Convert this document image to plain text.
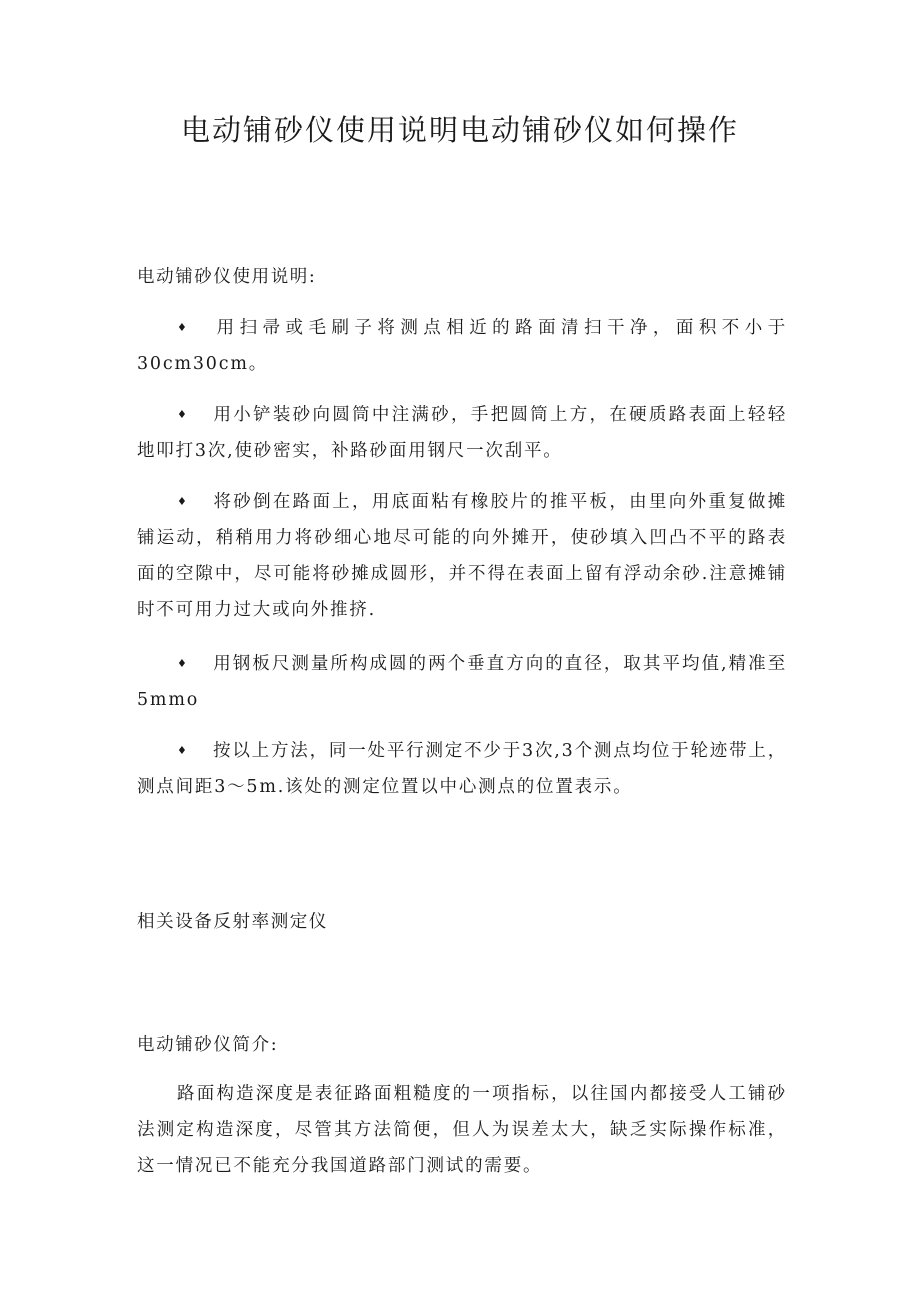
电动铺砂仪使用说明电动铺砂仪如何操作

电动铺砂仪使用说明:

♦ 用扫帚或毛刷子将测点相近的路面清扫干净，面积不小于30cm30cm。

♦ 用小铲装砂向圆筒中注满砂，手把圆筒上方，在硬质路表面上轻轻地叩打3次,使砂密实，补路砂面用钢尺一次刮平。

♦ 将砂倒在路面上，用底面粘有橡胶片的推平板，由里向外重复做摊铺运动，稍稍用力将砂细心地尽可能的向外摊开，使砂填入凹凸不平的路表面的空隙中，尽可能将砂摊成圆形，并不得在表面上留有浮动余砂.注意摊铺时不可用力过大或向外推挤.

♦ 用钢板尺测量所构成圆的两个垂直方向的直径，取其平均值,精准至5mmo

♦ 按以上方法，同一处平行测定不少于3次,3个测点均位于轮迹带上，测点间距3～5m.该处的测定位置以中心测点的位置表示。

相关设备反射率测定仪

电动铺砂仪简介:

路面构造深度是表征路面粗糙度的一项指标，以往国内都接受人工铺砂法测定构造深度，尽管其方法简便，但人为误差太大，缺乏实际操作标准，这一情况已不能充分我国道路部门测试的需要。
